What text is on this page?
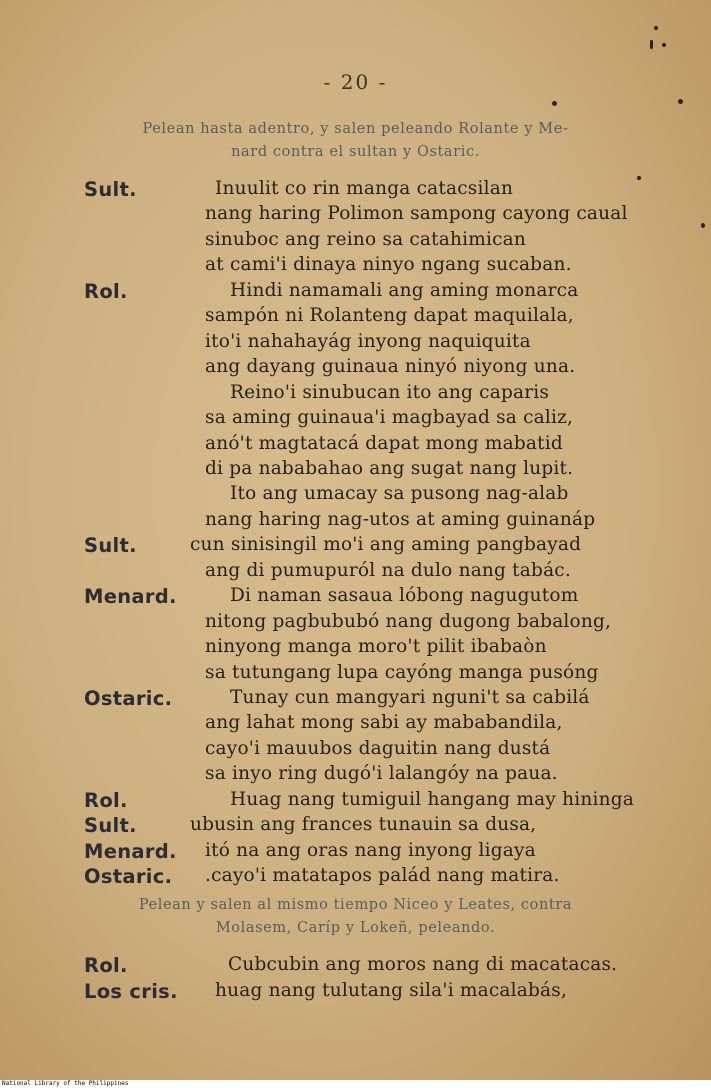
- 20 -
Pelean hasta adentro, y salen peleando Rolante y Me-
nard contra el sultan y Ostaric.
Sult.	Inuulit co rin manga catacsilan
nang haring Polimon sampong cayong caual
sinuboc ang reino sa catahimican
at cami'i dinaya ninyo ngang sucaban.
Rol.	Hindi namamali ang aming monarca
sampón ni Rolanteng dapat maquilala,
ito'i nahahayág inyong naquiquita
ang dayang guinaua ninyó niyong una.
Reino'i sinubucan ito ang caparis
sa aming guinaua'i magbayad sa caliz,
anó't magtatacá dapat mong mabatid
di pa nababahao ang sugat nang lupit.
Ito ang umacay sa pusong nag-alab
nang haring nag-utos at aming guinanáp
Sult.	cun sinisingil mo'i ang aming pangbayad
ang di pumupuról na dulo nang tabác.
Menard.	Di naman sasaua lóbong nagugutom
nitong pagbububó nang dugong babalong,
ninyong manga moro't pilit ibabaòn
sa tutungang lupa cayóng manga pusóng
Ostaric.	Tunay cun mangyari nguni't sa cabilá
ang lahat mong sabi ay mababandila,
cayo'i mauubos daguitin nang dustá
sa inyo ring dugó'i lalangóy na paua.
Rol.	Huag nang tumiguil hangang may hininga
Sult.	ubusin ang frances tunauin sa dusa,
Menard. itó na ang oras nang inyong ligaya
Ostaric. .cayo'i matatapos palád nang matira.
Pelean y salen al mismo tiempo Niceo y Leates, contra
Molasem, Caríp y Lokeñ, peleando.
Rol.	Cubcubin ang moros nang di macatacas.
Los cris. huag nang tulutang sila'i macalabás,
National Library of the Philippines
